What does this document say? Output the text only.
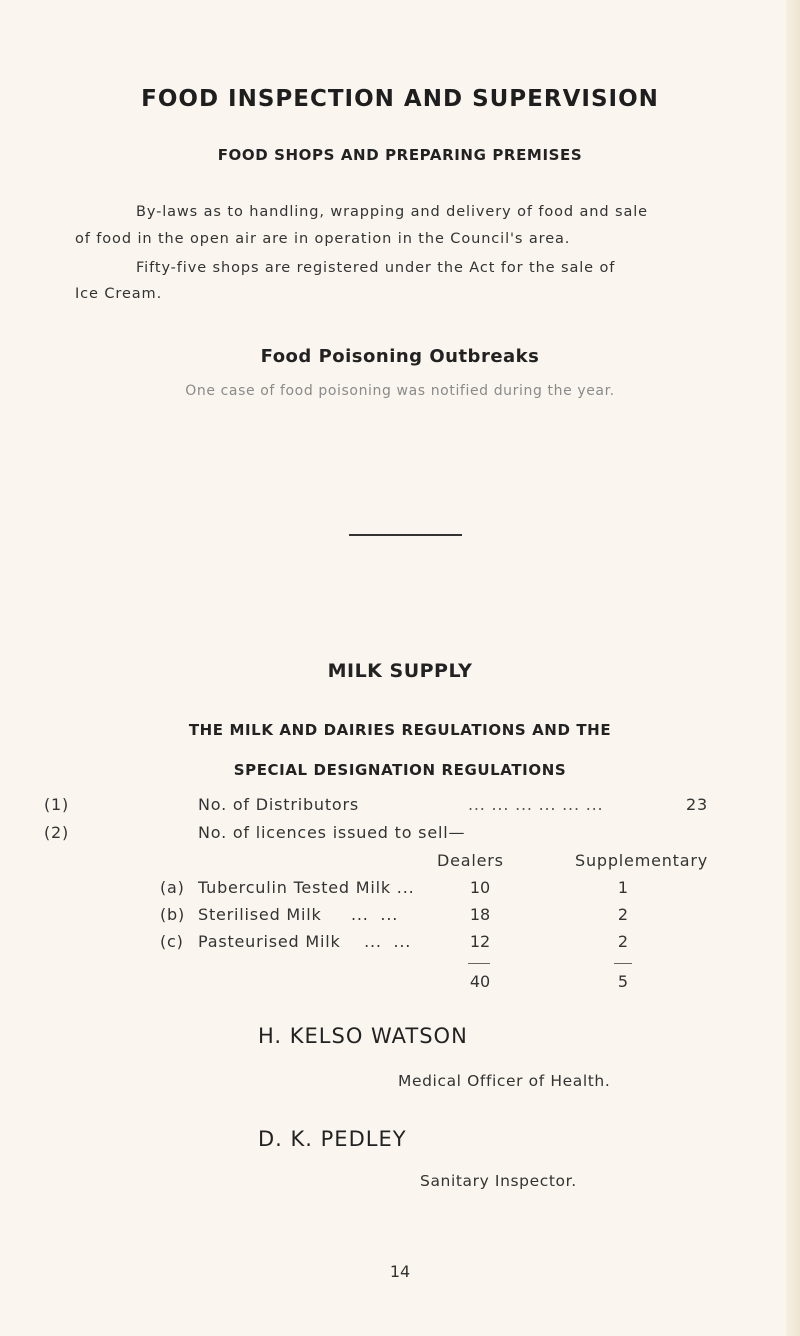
FOOD INSPECTION AND SUPERVISION
FOOD SHOPS AND PREPARING PREMISES
By-laws as to handling, wrapping and delivery of food and sale
of food in the open air are in operation in the Council's area.
Fifty-five shops are registered under the Act for the sale of
Ice Cream.
Food Poisoning Outbreaks
One case of food poisoning was notified during the year.
MILK SUPPLY
THE MILK AND DAIRIES REGULATIONS AND THE
SPECIAL DESIGNATION REGULATIONS
(1)	No. of Distributors	... ... ... ... ... ...	23
(2)	No. of licences issued to sell—
Dealers	Supplementary
(a) Tuberculin Tested Milk ...	10	1
(b) Sterilised Milk     ...  ...	18	2
(c) Pasteurised Milk    ...  ...	12	2
40	5
H. KELSO WATSON
Medical Officer of Health.
D. K. PEDLEY
Sanitary Inspector.
14
